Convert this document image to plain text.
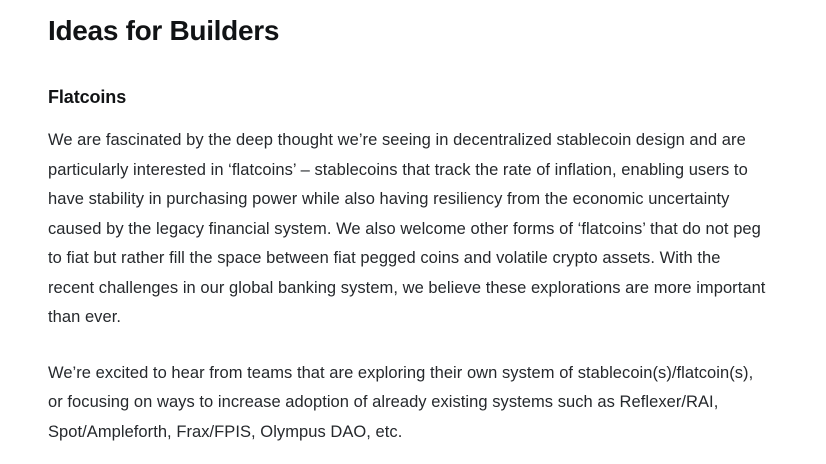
Ideas for Builders
Flatcoins

We are fascinated by the deep thought we’re seeing in decentralized stablecoin design and are particularly interested in ‘flatcoins’ – stablecoins that track the rate of inflation, enabling users to have stability in purchasing power while also having resiliency from the economic uncertainty caused by the legacy financial system. We also welcome other forms of ‘flatcoins’ that do not peg to fiat but rather fill the space between fiat pegged coins and volatile crypto assets. With the recent challenges in our global banking system, we believe these explorations are more important than ever.

We’re excited to hear from teams that are exploring their own system of stablecoin(s)/flatcoin(s), or focusing on ways to increase adoption of already existing systems such as Reflexer/RAI, Spot/Ampleforth, Frax/FPIS, Olympus DAO, etc.
